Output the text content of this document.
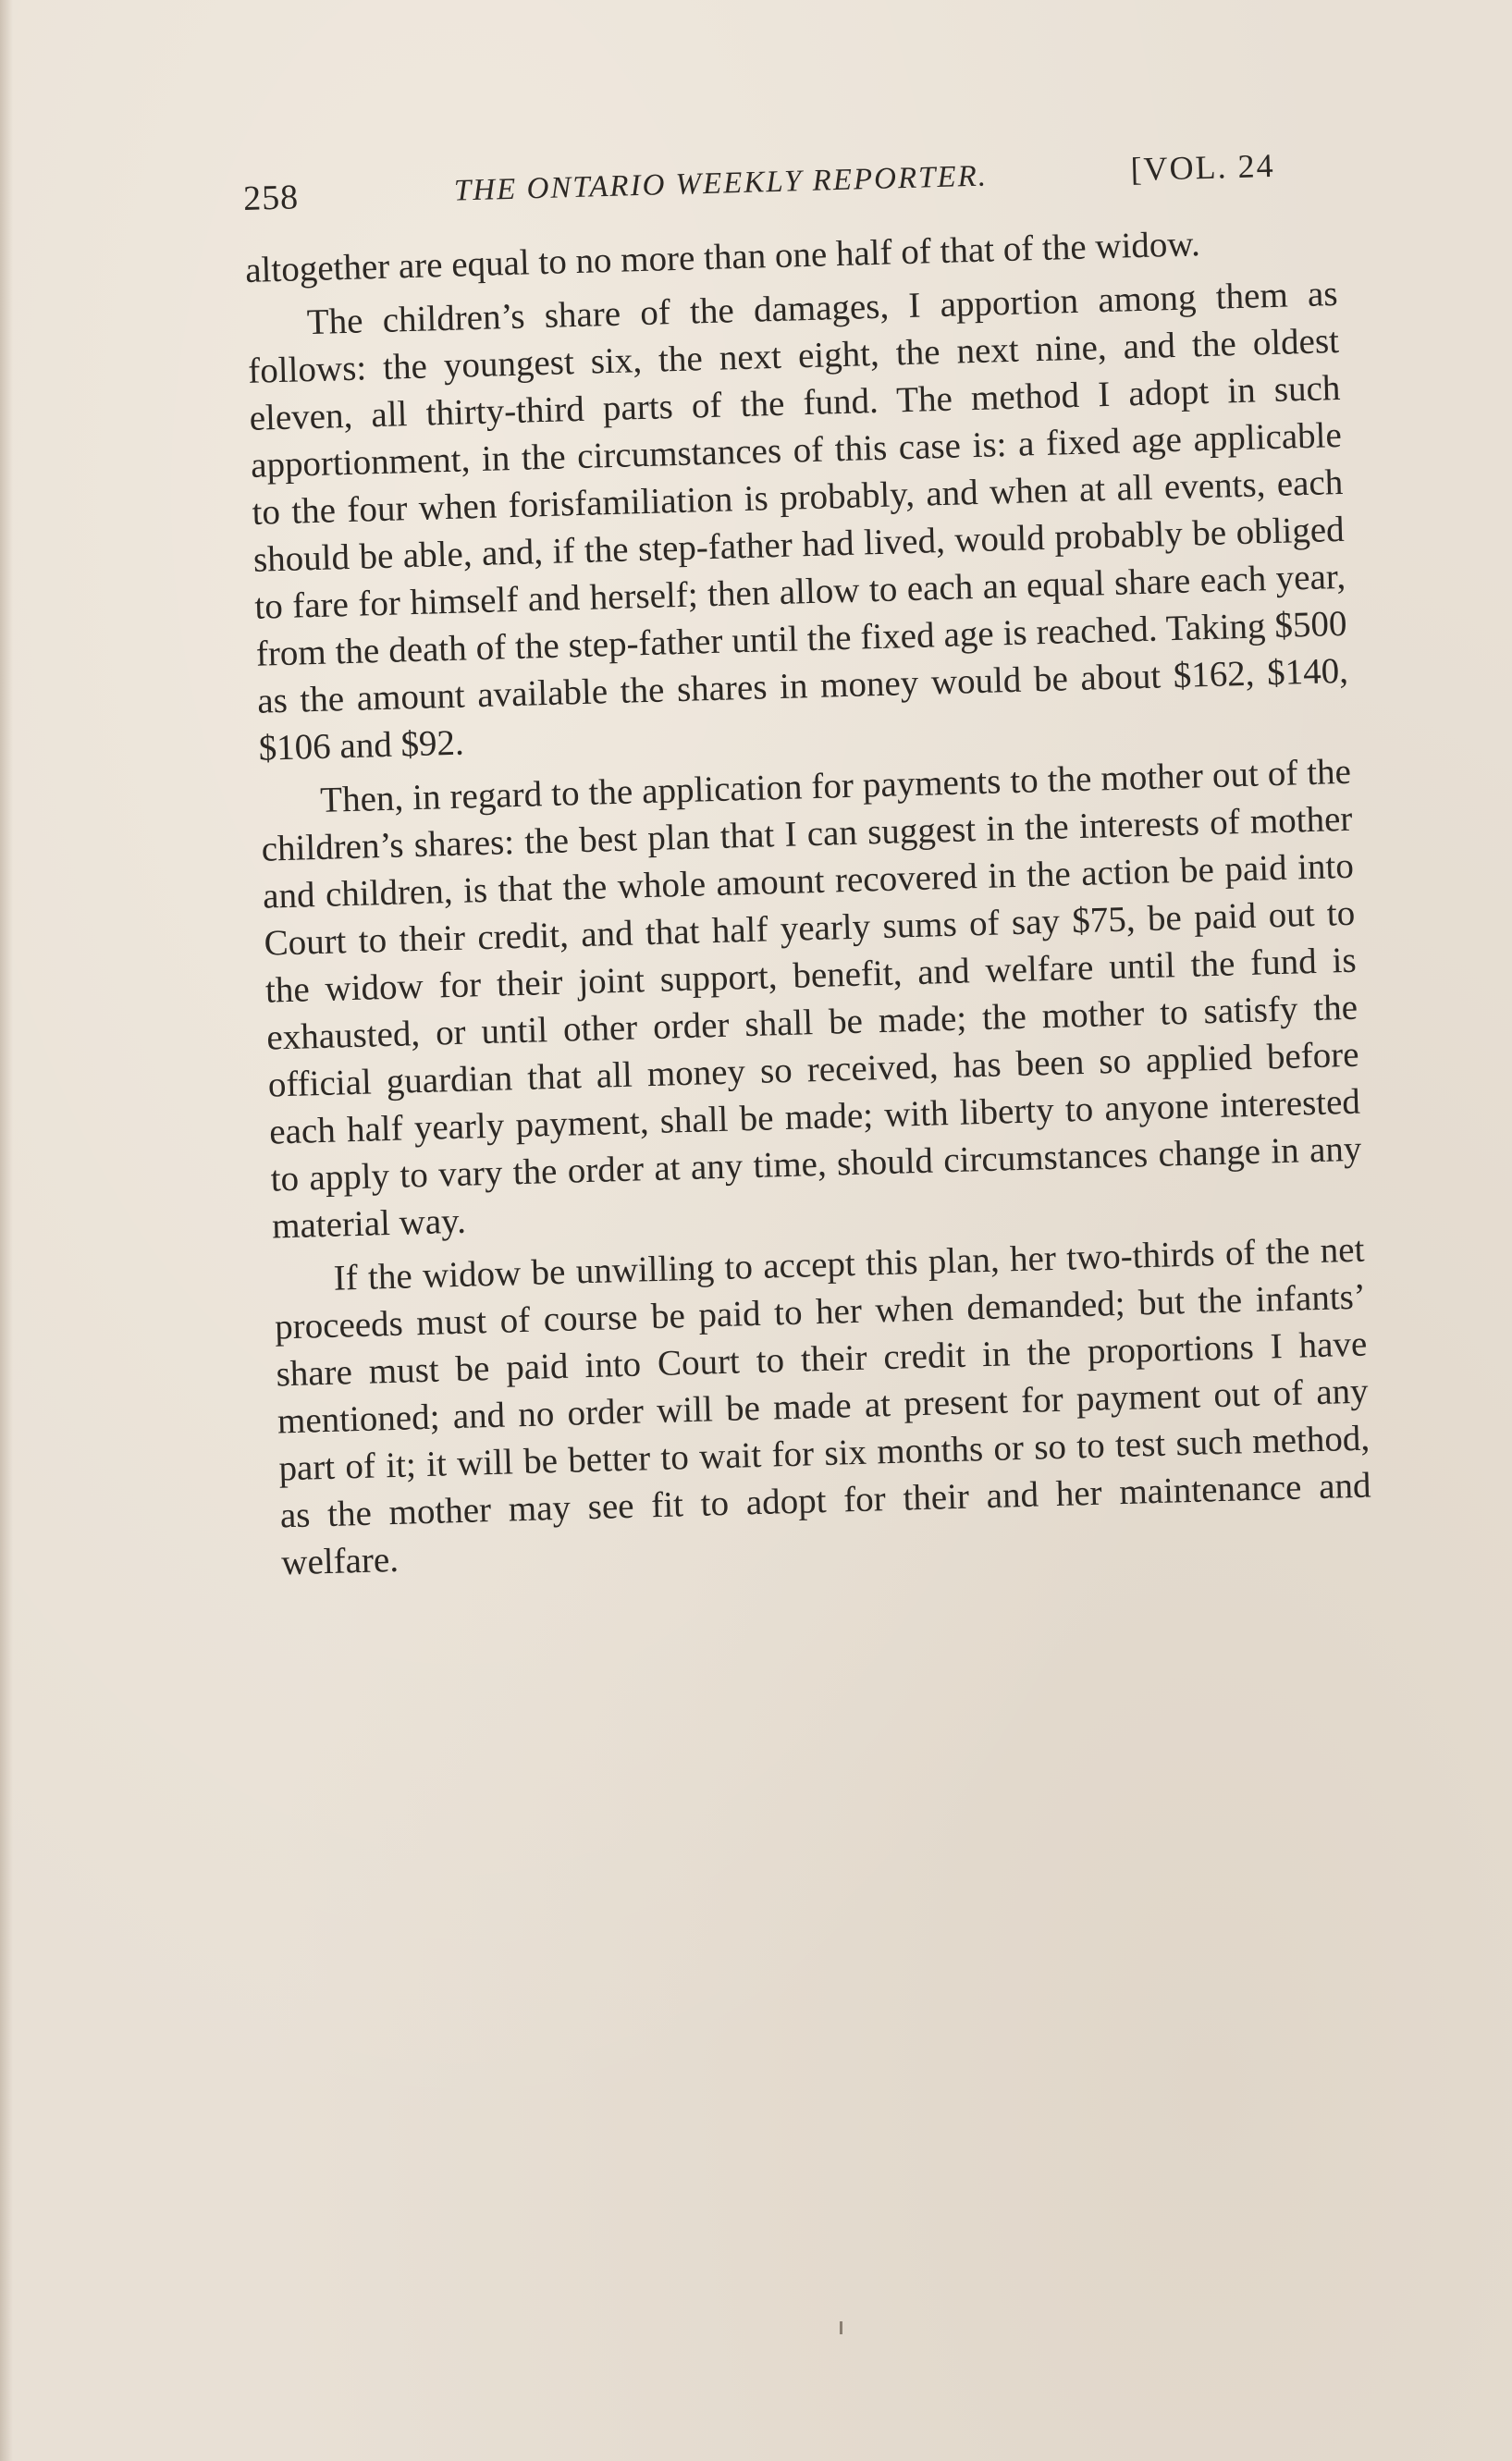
258	THE ONTARIO WEEKLY REPORTER.	[VOL. 24

altogether are equal to no more than one half of that of the widow.

The children’s share of the damages, I apportion among them as follows: the youngest six, the next eight, the next nine, and the oldest eleven, all thirty-third parts of the fund. The method I adopt in such apportionment, in the circumstances of this case is: a fixed age applicable to the four when forisfamiliation is probably, and when at all events, each should be able, and, if the step-father had lived, would probably be obliged to fare for himself and herself; then allow to each an equal share each year, from the death of the step-father until the fixed age is reached. Taking $500 as the amount available the shares in money would be about $162, $140, $106 and $92.

Then, in regard to the application for payments to the mother out of the children’s shares: the best plan that I can suggest in the interests of mother and children, is that the whole amount recovered in the action be paid into Court to their credit, and that half yearly sums of say $75, be paid out to the widow for their joint support, benefit, and welfare until the fund is exhausted, or until other order shall be made; the mother to satisfy the official guardian that all money so received, has been so applied before each half yearly payment, shall be made; with liberty to anyone interested to apply to vary the order at any time, should circumstances change in any material way.

If the widow be unwilling to accept this plan, her two-thirds of the net proceeds must of course be paid to her when demanded; but the infants’ share must be paid into Court to their credit in the proportions I have mentioned; and no order will be made at present for payment out of any part of it; it will be better to wait for six months or so to test such method, as the mother may see fit to adopt for their and her maintenance and welfare.
